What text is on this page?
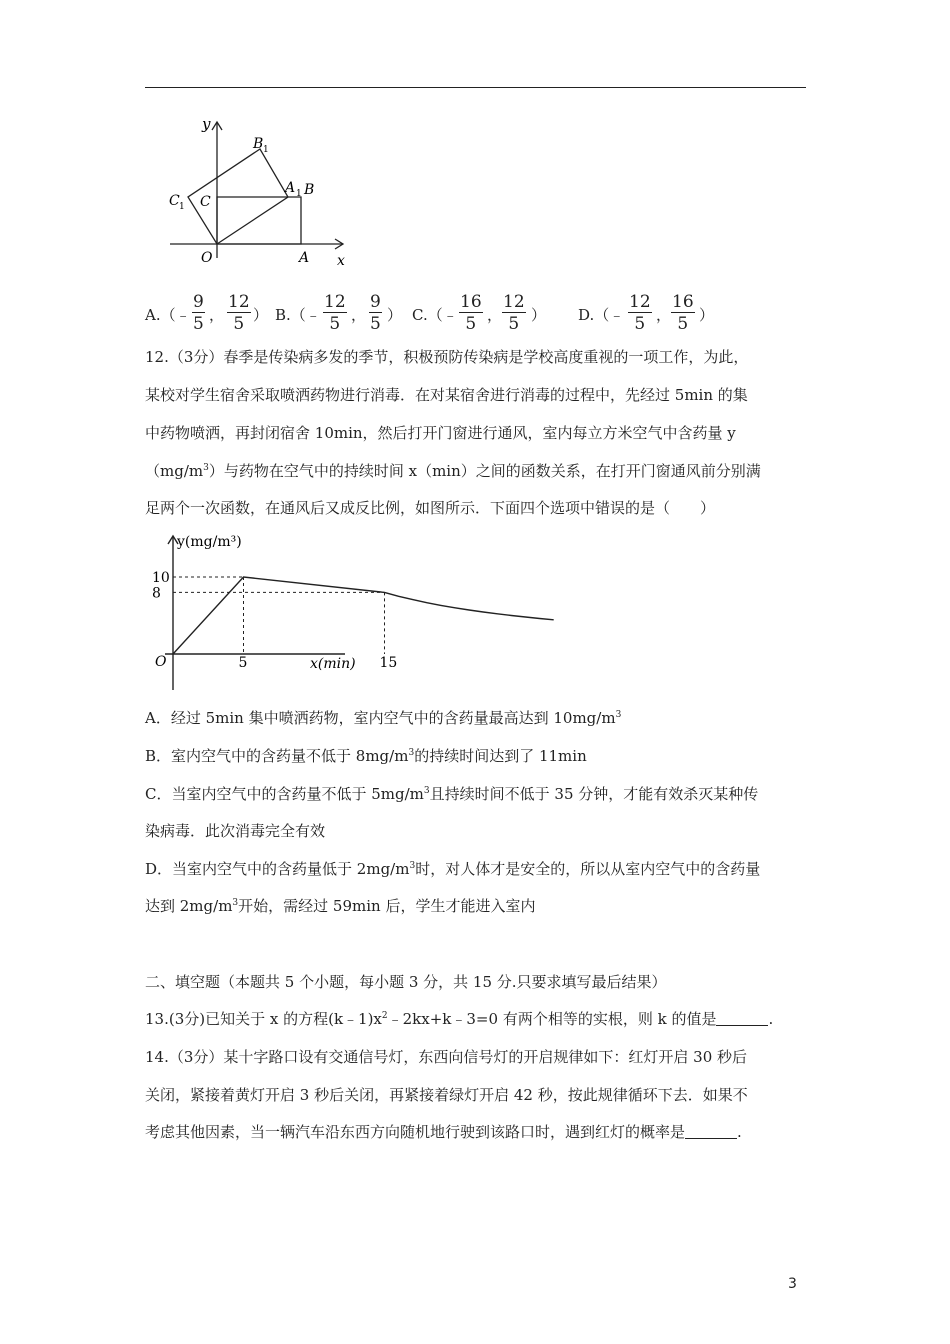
y
x
O	A
B
C
A 1
B 1
C 1
A.（﹣ $\frac{9}{5}$ ， $\frac{12}{5}$ ） B.（﹣ $\frac{12}{5}$ ， $\frac{9}{5}$ ） C.（﹣ $\frac{16}{5}$ ， $\frac{12}{5}$ ） D.（﹣ $\frac{12}{5}$ ， $\frac{16}{5}$ ）
12.（3分）春季是传染病多发的季节，积极预防传染病是学校高度重视的一项工作，为此，
某校对学生宿舍采取喷洒药物进行消毒．在对某宿舍进行消毒的过程中，先经过 5min 的集
中药物喷洒，再封闭宿舍 10min，然后打开门窗进行通风，室内每立方米空气中含药量 y
$(mg/m^3)$与药物在空气中的持续时间 x（min）之间的函数关系，在打开门窗通风前分别满
足两个一次函数，在通风后又成反比例，如图所示．下面四个选项中错误的是（　　）
5	15
10
8
y(mg/m³)
x(min)
O
A．经过 5min 集中喷洒药物，室内空气中的含药量最高达到 $10mg/m^3$
B．室内空气中的含药量不低于 $8mg/m^3$的持续时间达到了 11min
C．当室内空气中的含药量不低于 $5mg/m^3$且持续时间不低于 35 分钟，才能有效杀灭某种传
染病毒．此次消毒完全有效
D．当室内空气中的含药量低于 $2mg/m^3$时，对人体才是安全的，所以从室内空气中的含药量
达到 $2mg/m^3$开始，需经过 59min 后，学生才能进入室内
二、填空题（本题共 5 个小题，每小题 3 分，共 15 分.只要求填写最后结果）
13.(3分)已知关于 x 的方程$(k﹣1)x^2﹣2kx+k﹣3=0$ 有两个相等的实根，则 k 的值是	.
14.（3分）某十字路口设有交通信号灯，东西向信号灯的开启规律如下：红灯开启 30 秒后
关闭，紧接着黄灯开启 3 秒后关闭，再紧接着绿灯开启 42 秒，按此规律循环下去．如果不
考虑其他因素，当一辆汽车沿东西方向随机地行驶到该路口时，遇到红灯的概率是	.
3
